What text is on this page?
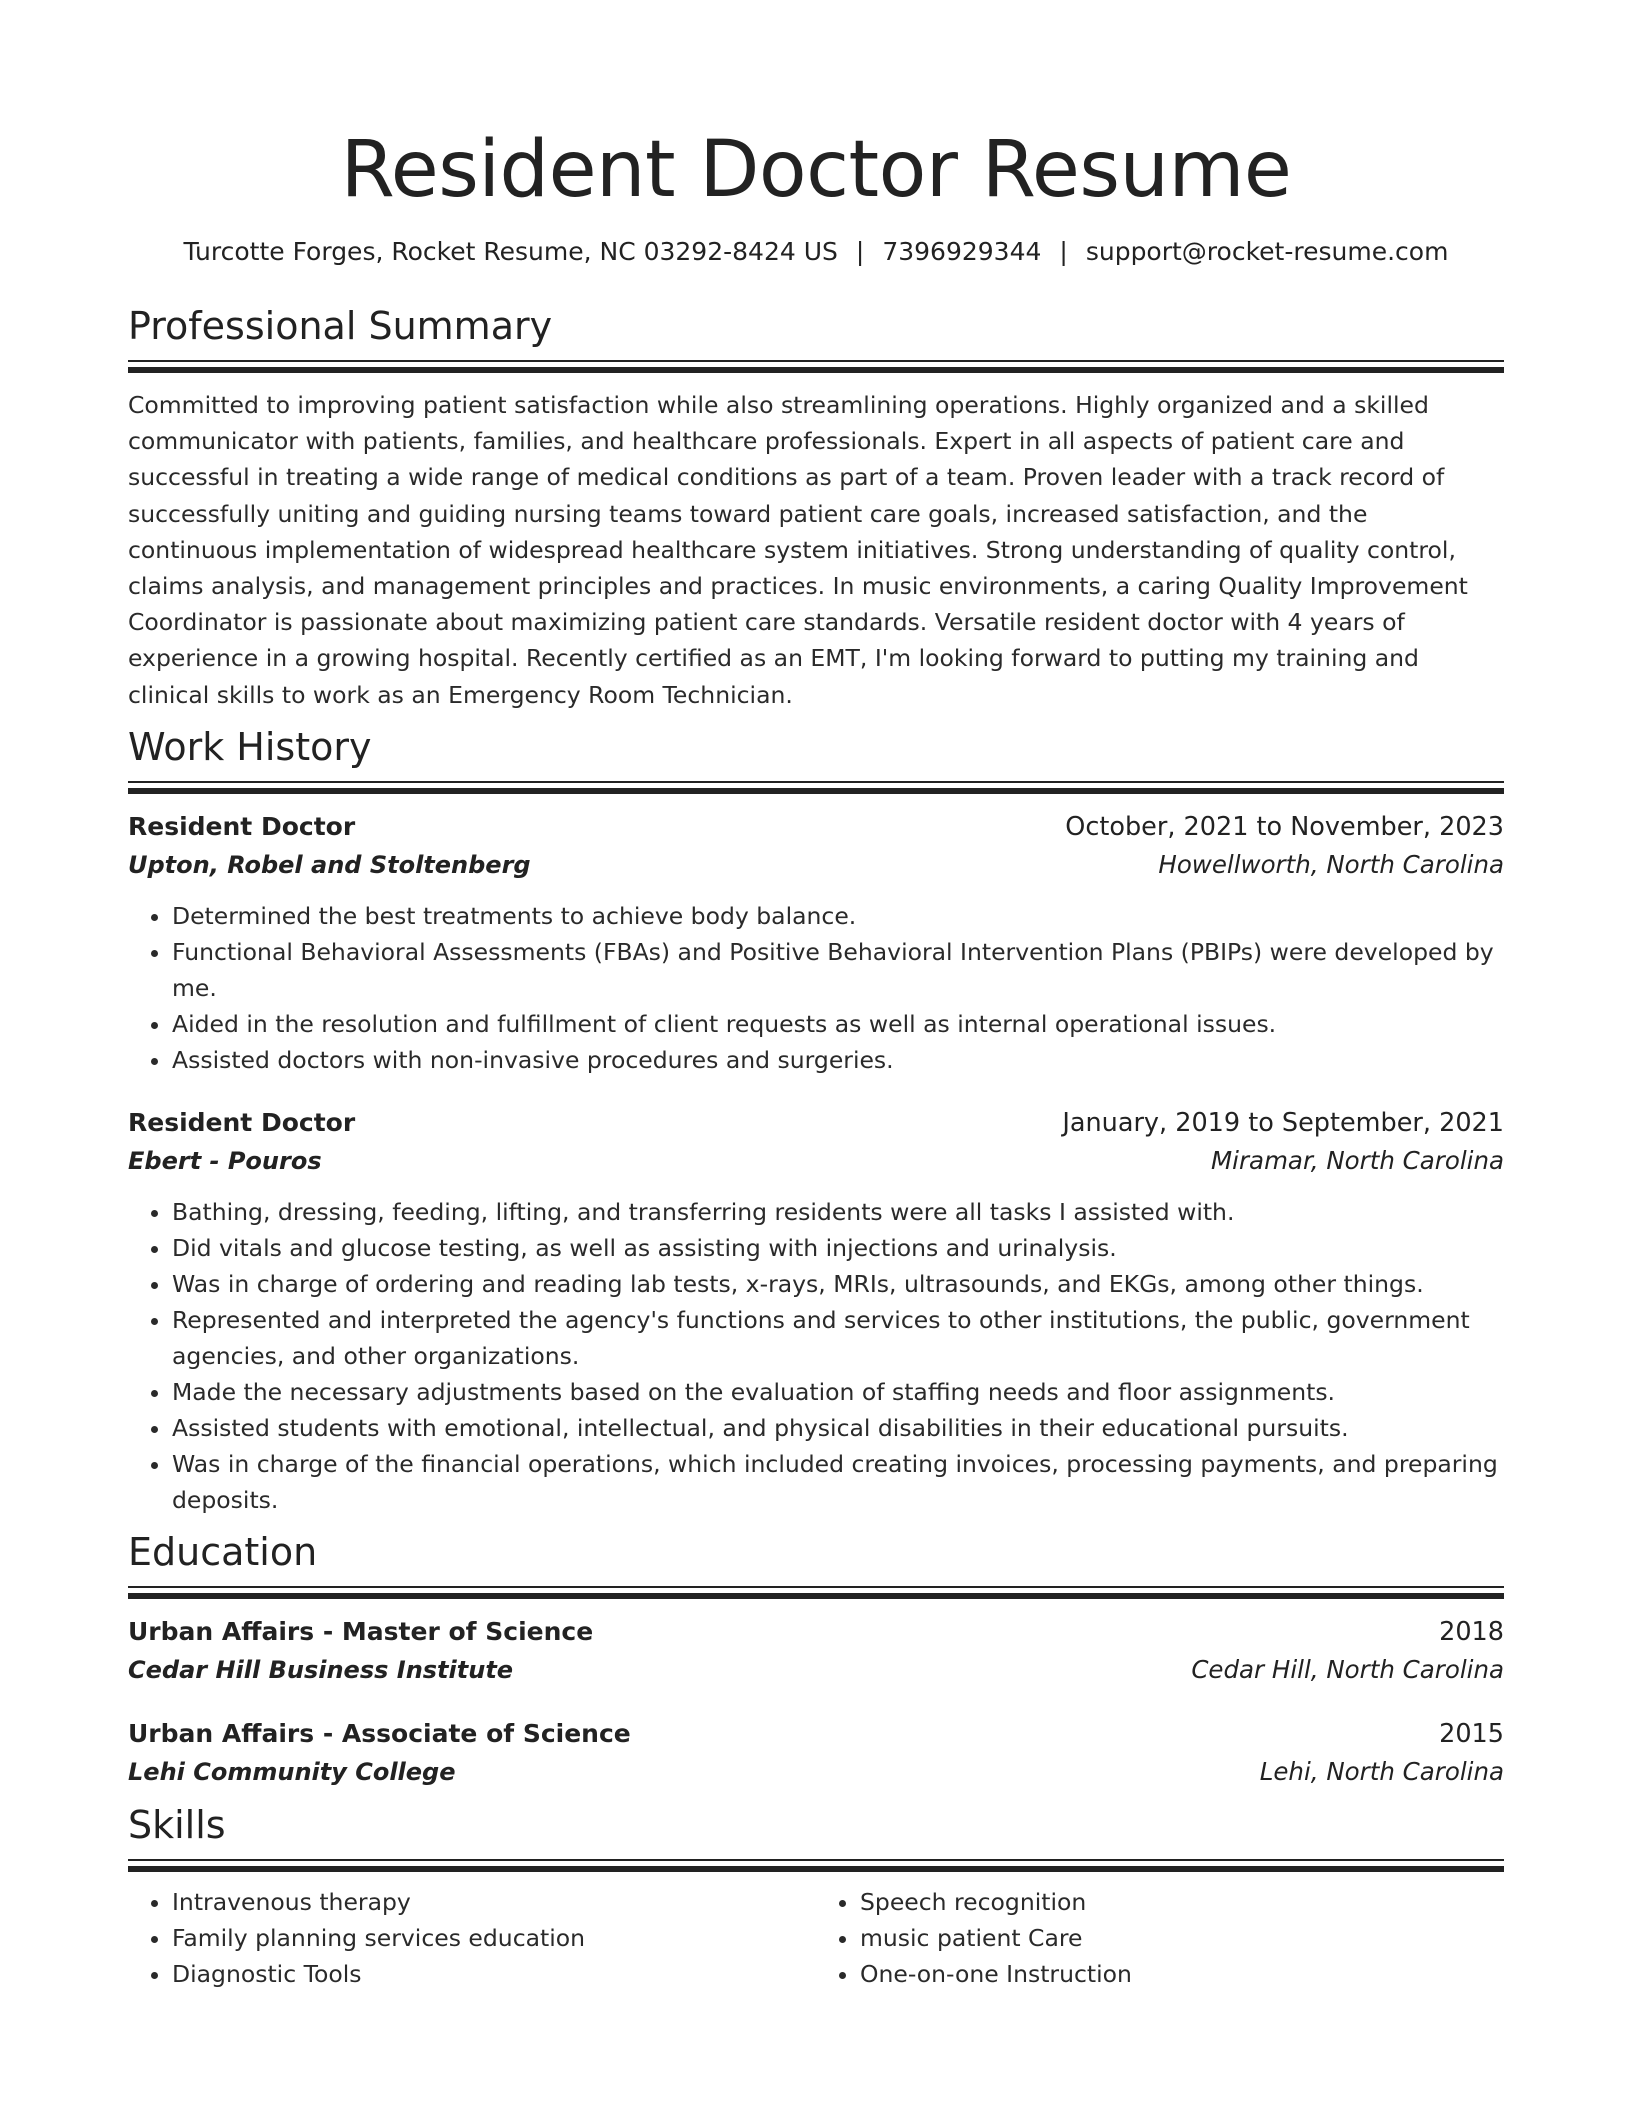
Resident Doctor Resume
Turcotte Forges, Rocket Resume, NC 03292-8424 US | 7396929344 | support@rocket-resume.com
Professional Summary
Committed to improving patient satisfaction while also streamlining operations. Highly organized and a skilled communicator with patients, families, and healthcare professionals. Expert in all aspects of patient care and successful in treating a wide range of medical conditions as part of a team. Proven leader with a track record of successfully uniting and guiding nursing teams toward patient care goals, increased satisfaction, and the continuous implementation of widespread healthcare system initiatives. Strong understanding of quality control, claims analysis, and management principles and practices. In music environments, a caring Quality Improvement Coordinator is passionate about maximizing patient care standards. Versatile resident doctor with 4 years of experience in a growing hospital. Recently certified as an EMT, I'm looking forward to putting my training and clinical skills to work as an Emergency Room Technician.
Work History
Resident Doctor	October, 2021 to November, 2023
Upton, Robel and Stoltenberg	Howellworth, North Carolina
• Determined the best treatments to achieve body balance.
• Functional Behavioral Assessments (FBAs) and Positive Behavioral Intervention Plans (PBIPs) were developed by me.
• Aided in the resolution and fulfillment of client requests as well as internal operational issues.
• Assisted doctors with non-invasive procedures and surgeries.
Resident Doctor	January, 2019 to September, 2021
Ebert - Pouros	Miramar, North Carolina
• Bathing, dressing, feeding, lifting, and transferring residents were all tasks I assisted with.
• Did vitals and glucose testing, as well as assisting with injections and urinalysis.
• Was in charge of ordering and reading lab tests, x-rays, MRIs, ultrasounds, and EKGs, among other things.
• Represented and interpreted the agency's functions and services to other institutions, the public, government agencies, and other organizations.
• Made the necessary adjustments based on the evaluation of staffing needs and floor assignments.
• Assisted students with emotional, intellectual, and physical disabilities in their educational pursuits.
• Was in charge of the financial operations, which included creating invoices, processing payments, and preparing deposits.
Education
Urban Affairs - Master of Science	2018
Cedar Hill Business Institute	Cedar Hill, North Carolina
Urban Affairs - Associate of Science	2015
Lehi Community College	Lehi, North Carolina
Skills
• Intravenous therapy
• Family planning services education
• Diagnostic Tools
• Speech recognition
• music patient Care
• One-on-one Instruction
